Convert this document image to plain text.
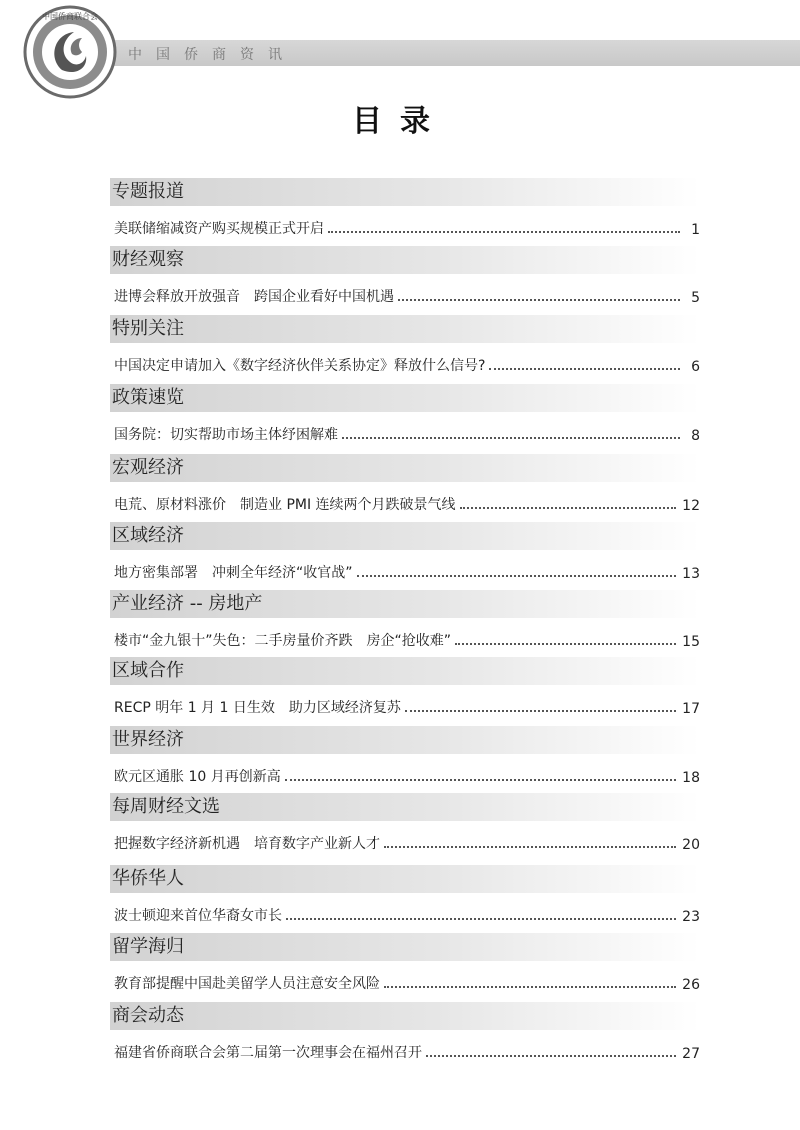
中国侨商资讯
中国侨商联合会
目录
专题报道
美联储缩减资产购买规模正式开启	1
财经观察
进博会释放开放强音　跨国企业看好中国机遇	5
特别关注
中国决定申请加入《数字经济伙伴关系协定》释放什么信号?	6
政策速览
国务院：切实帮助市场主体纾困解难	8
宏观经济
电荒、原材料涨价　制造业 PMI 连续两个月跌破景气线	12
区域经济
地方密集部署　冲刺全年经济“收官战”	13
产业经济 -- 房地产
楼市“金九银十”失色：二手房量价齐跌　房企“抢收难”	15
区域合作
RECP 明年 1 月 1 日生效　助力区域经济复苏	17
世界经济
欧元区通胀 10 月再创新高	18
每周财经文选
把握数字经济新机遇　培育数字产业新人才	20
华侨华人
波士顿迎来首位华裔女市长	23
留学海归
教育部提醒中国赴美留学人员注意安全风险	26
商会动态
福建省侨商联合会第二届第一次理事会在福州召开	27
